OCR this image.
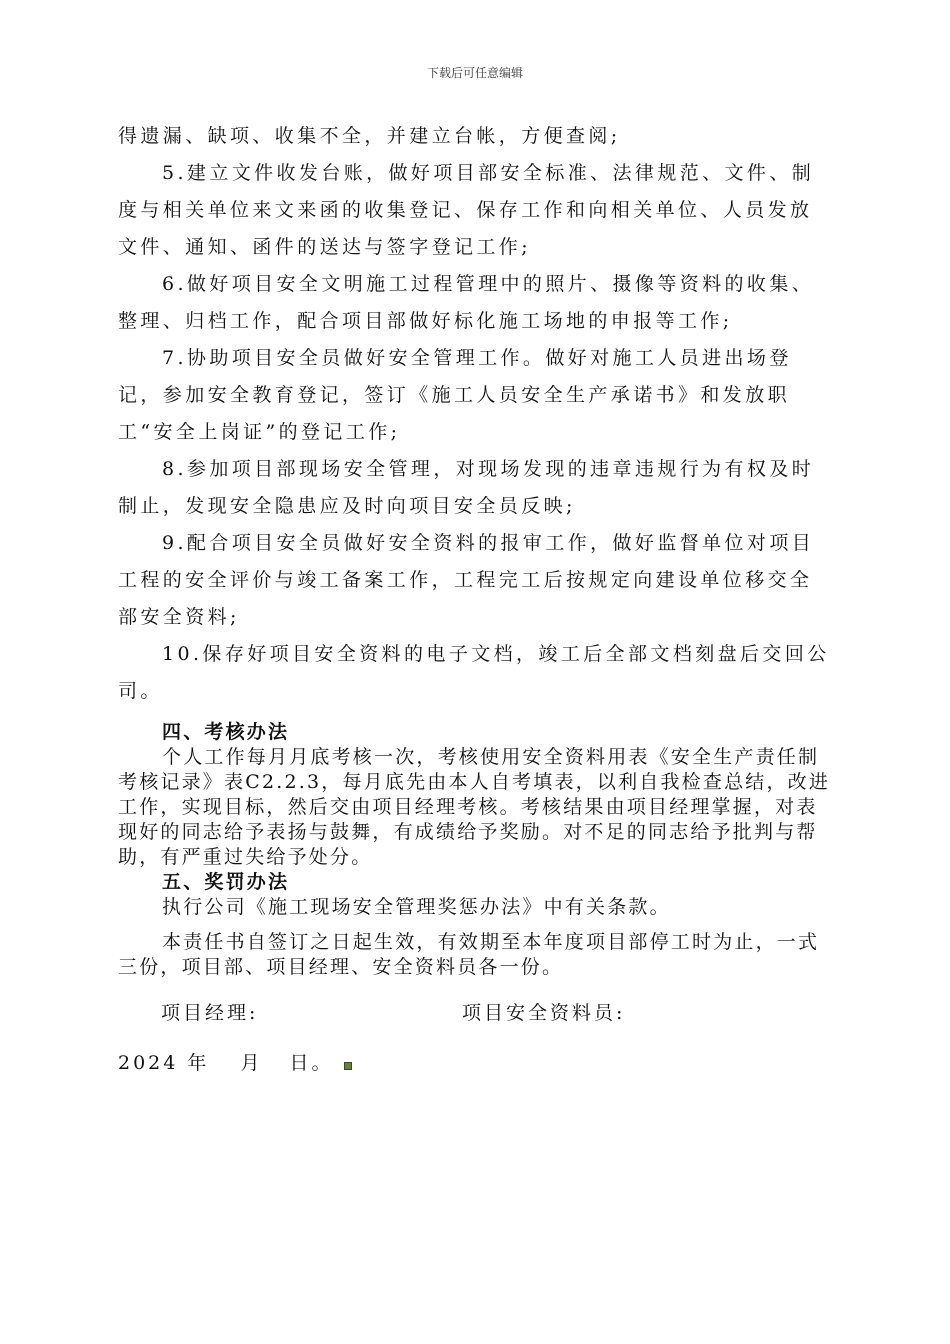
下载后可任意编辑

得遗漏、缺项、收集不全，并建立台帐，方便查阅;

5.建立文件收发台账，做好项目部安全标准、法律规范、文件、制度与相关单位来文来函的收集登记、保存工作和向相关单位、人员发放文件、通知、函件的送达与签字登记工作;

6.做好项目安全文明施工过程管理中的照片、摄像等资料的收集、整理、归档工作，配合项目部做好标化施工场地的申报等工作;

7.协助项目安全员做好安全管理工作。做好对施工人员进出场登记，参加安全教育登记，签订《施工人员安全生产承诺书》和发放职工“安全上岗证”的登记工作;

8.参加项目部现场安全管理，对现场发现的违章违规行为有权及时制止，发现安全隐患应及时向项目安全员反映;

9.配合项目安全员做好安全资料的报审工作，做好监督单位对项目工程的安全评价与竣工备案工作，工程完工后按规定向建设单位移交全部安全资料;

10.保存好项目安全资料的电子文档，竣工后全部文档刻盘后交回公司。

四、考核办法

个人工作每月月底考核一次，考核使用安全资料用表《安全生产责任制考核记录》表C2.2.3，每月底先由本人自考填表，以利自我检查总结，改进工作，实现目标，然后交由项目经理考核。考核结果由项目经理掌握，对表现好的同志给予表扬与鼓舞，有成绩给予奖励。对不足的同志给予批判与帮助，有严重过失给予处分。

五、奖罚办法

执行公司《施工现场安全管理奖惩办法》中有关条款。

本责任书自签订之日起生效，有效期至本年度项目部停工时为止，一式三份，项目部、项目经理、安全资料员各一份。

项目经理:	项目安全资料员:
2024 年 月 日。
